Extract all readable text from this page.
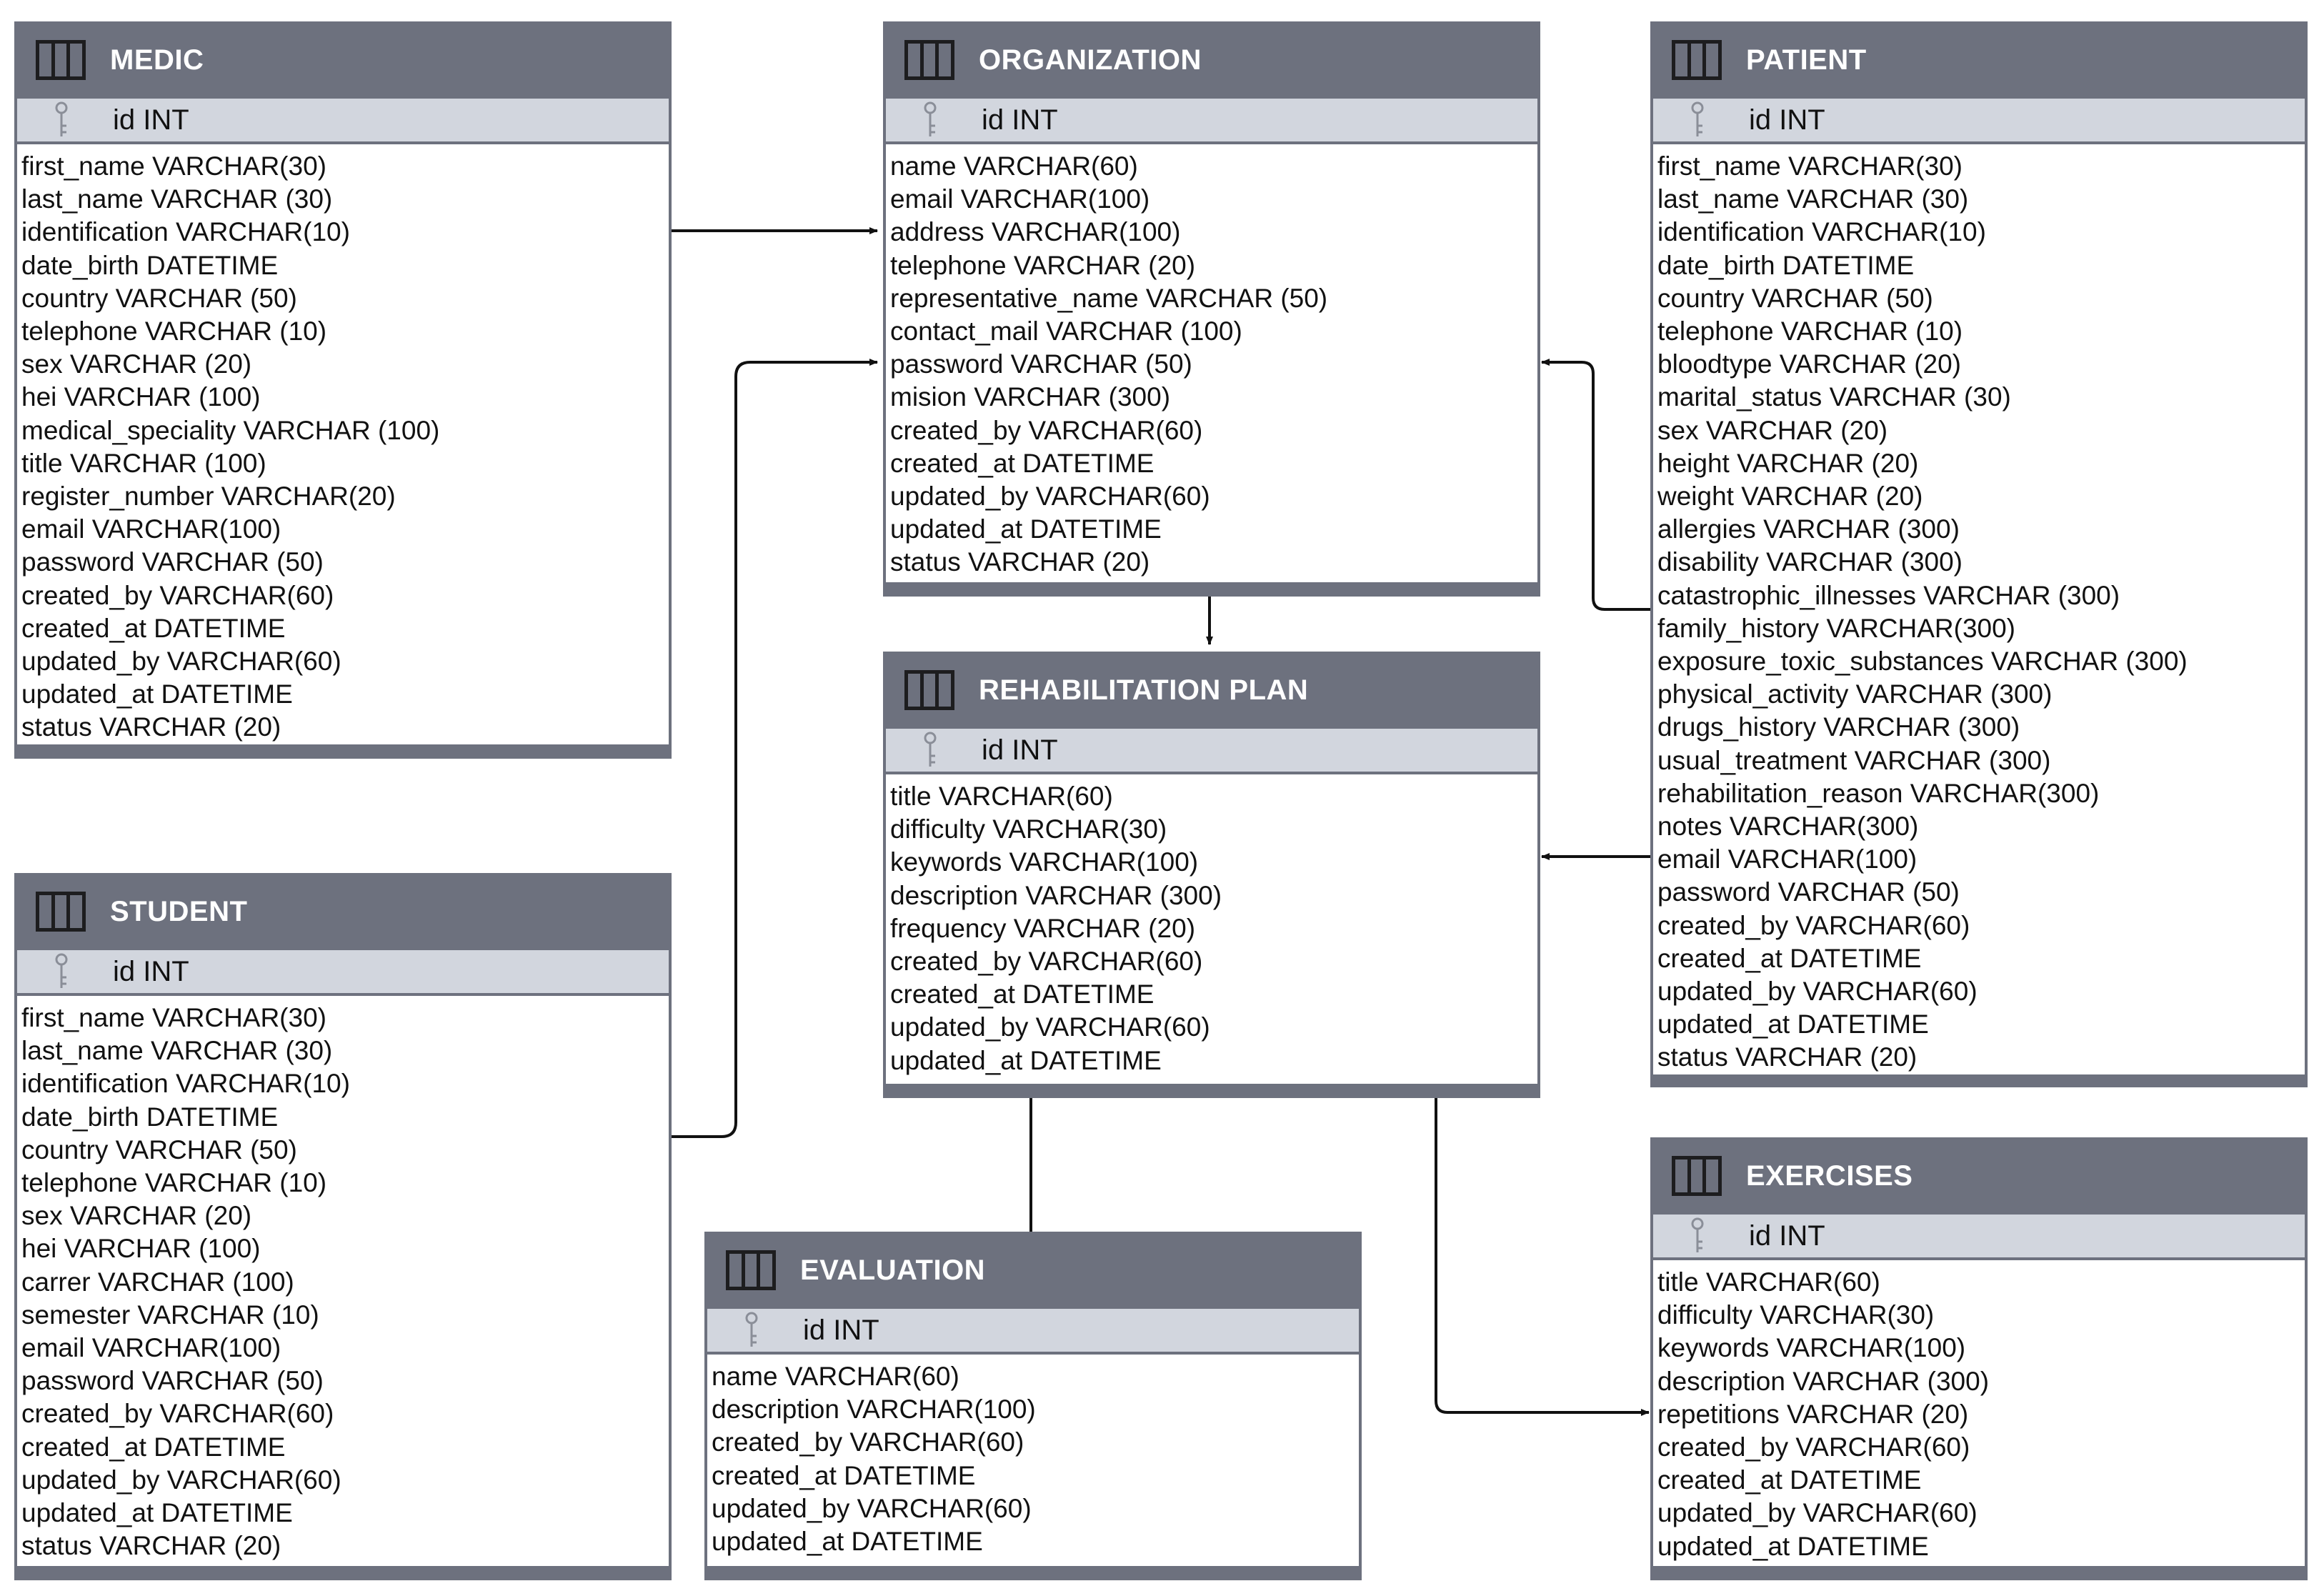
MEDIC
id INT
first_name VARCHAR(30)
last_name VARCHAR (30)
identification VARCHAR(10)
date_birth DATETIME
country VARCHAR (50)
telephone VARCHAR (10)
sex VARCHAR (20)
hei VARCHAR (100)
medical_speciality VARCHAR (100)
title VARCHAR (100)
register_number VARCHAR(20)
email VARCHAR(100)
password VARCHAR (50)
created_by VARCHAR(60)
created_at DATETIME
updated_by VARCHAR(60)
updated_at DATETIME
status VARCHAR (20)
ORGANIZATION
id INT
name VARCHAR(60)
email VARCHAR(100)
address VARCHAR(100)
telephone VARCHAR (20)
representative_name VARCHAR (50)
contact_mail VARCHAR (100)
password VARCHAR (50)
mision VARCHAR (300)
created_by VARCHAR(60)
created_at DATETIME
updated_by VARCHAR(60)
updated_at DATETIME
status VARCHAR (20)
PATIENT
id INT
first_name VARCHAR(30)
last_name VARCHAR (30)
identification VARCHAR(10)
date_birth DATETIME
country VARCHAR (50)
telephone VARCHAR (10)
bloodtype VARCHAR (20)
marital_status VARCHAR (30)
sex VARCHAR (20)
height VARCHAR (20)
weight VARCHAR (20)
allergies VARCHAR (300)
disability VARCHAR (300)
catastrophic_illnesses VARCHAR (300)
family_history VARCHAR(300)
exposure_toxic_substances VARCHAR (300)
physical_activity VARCHAR (300)
drugs_history VARCHAR (300)
usual_treatment VARCHAR (300)
rehabilitation_reason VARCHAR(300)
notes VARCHAR(300)
email VARCHAR(100)
password VARCHAR (50)
created_by VARCHAR(60)
created_at DATETIME
updated_by VARCHAR(60)
updated_at DATETIME
status VARCHAR (20)
REHABILITATION PLAN
id INT
title VARCHAR(60)
difficulty VARCHAR(30)
keywords VARCHAR(100)
description VARCHAR (300)
frequency VARCHAR (20)
created_by VARCHAR(60)
created_at DATETIME
updated_by VARCHAR(60)
updated_at DATETIME
STUDENT
id INT
first_name VARCHAR(30)
last_name VARCHAR (30)
identification VARCHAR(10)
date_birth DATETIME
country VARCHAR (50)
telephone VARCHAR (10)
sex VARCHAR (20)
hei VARCHAR (100)
carrer VARCHAR (100)
semester VARCHAR (10)
email VARCHAR(100)
password VARCHAR (50)
created_by VARCHAR(60)
created_at DATETIME
updated_by VARCHAR(60)
updated_at DATETIME
status VARCHAR (20)
EVALUATION
id INT
name VARCHAR(60)
description VARCHAR(100)
created_by VARCHAR(60)
created_at DATETIME
updated_by VARCHAR(60)
updated_at DATETIME
EXERCISES
id INT
title VARCHAR(60)
difficulty VARCHAR(30)
keywords VARCHAR(100)
description VARCHAR (300)
repetitions VARCHAR (20)
created_by VARCHAR(60)
created_at DATETIME
updated_by VARCHAR(60)
updated_at DATETIME
